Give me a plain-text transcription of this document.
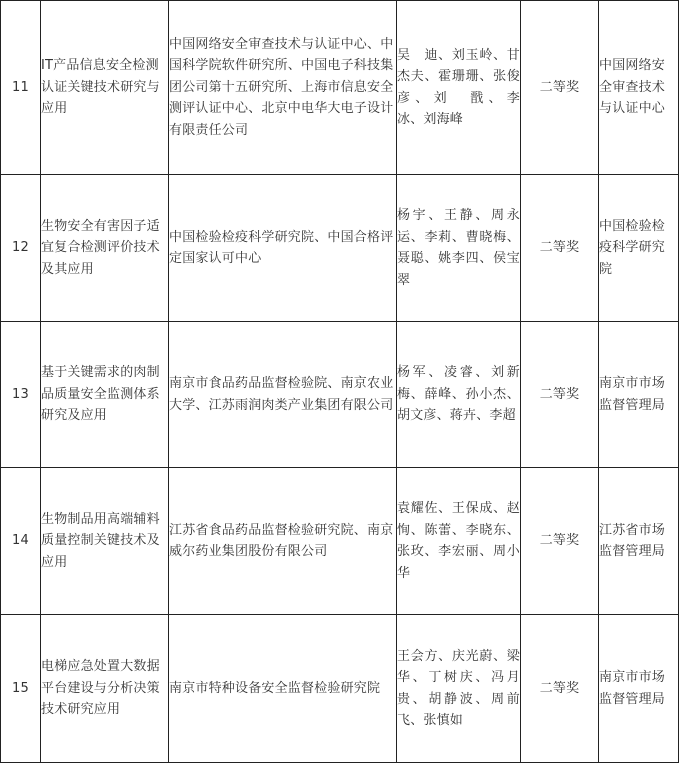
11	IT产品信息安全检测认证关键技术研究与应用	中国网络安全审查技术与认证中心、中国科学院软件研究所、中国电子科技集团公司第十五研究所、上海市信息安全测评认证中心、北京中电华大电子设计有限责任公司	吴　迪、刘玉岭、甘杰夫、霍珊珊、张俊彦、刘　戬、李　冰、刘海峰	二等奖	中国网络安全审查技术与认证中心
12	生物安全有害因子适宜复合检测评价技术及其应用	中国检验检疫科学研究院、中国合格评定国家认可中心	杨宇、王静、周永运、李莉、曹晓梅、聂聪、姚李四、侯宝翠	二等奖	中国检验检疫科学研究院
13	基于关键需求的肉制品质量安全监测体系研究及应用	南京市食品药品监督检验院、南京农业大学、江苏雨润肉类产业集团有限公司	杨军、凌睿、刘新梅、薛峰、孙小杰、胡文彦、蒋卉、李超	二等奖	南京市市场监督管理局
14	生物制品用高端辅料质量控制关键技术及应用	江苏省食品药品监督检验研究院、南京威尔药业集团股份有限公司	袁耀佐、王保成、赵恂、陈蕾、李晓东、张玫、李宏丽、周小华	二等奖	江苏省市场监督管理局
15	电梯应急处置大数据平台建设与分析决策技术研究应用	南京市特种设备安全监督检验研究院	王会方、庆光蔚、梁华、丁树庆、冯月贵、胡静波、周前飞、张慎如	二等奖	南京市市场监督管理局
